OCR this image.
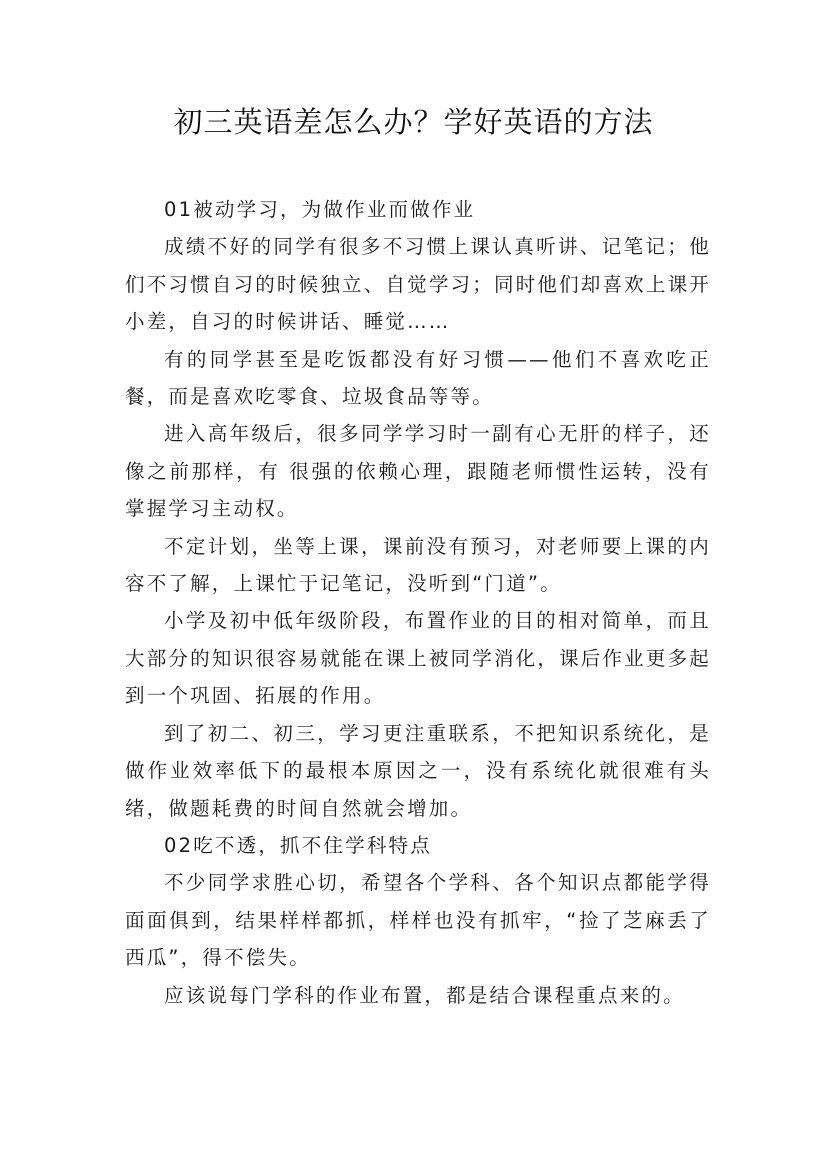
初三英语差怎么办？学好英语的方法

01被动学习，为做作业而做作业

成绩不好的同学有很多不习惯上课认真听讲、记笔记；他们不习惯自习的时候独立、自觉学习；同时他们却喜欢上课开小差，自习的时候讲话、睡觉……

有的同学甚至是吃饭都没有好习惯——他们不喜欢吃正餐，而是喜欢吃零食、垃圾食品等等。

进入高年级后，很多同学学习时一副有心无肝的样子，还像之前那样，有 很强的依赖心理，跟随老师惯性运转，没有掌握学习主动权。

不定计划，坐等上课，课前没有预习，对老师要上课的内容不了解，上课忙于记笔记，没听到“门道”。

小学及初中低年级阶段，布置作业的目的相对简单，而且大部分的知识很容易就能在课上被同学消化，课后作业更多起到一个巩固、拓展的作用。

到了初二、初三，学习更注重联系，不把知识系统化，是做作业效率低下的最根本原因之一，没有系统化就很难有头绪，做题耗费的时间自然就会增加。

02吃不透，抓不住学科特点

不少同学求胜心切，希望各个学科、各个知识点都能学得面面俱到，结果样样都抓，样样也没有抓牢，“捡了芝麻丢了西瓜”，得不偿失。

应该说每门学科的作业布置，都是结合课程重点来的。
